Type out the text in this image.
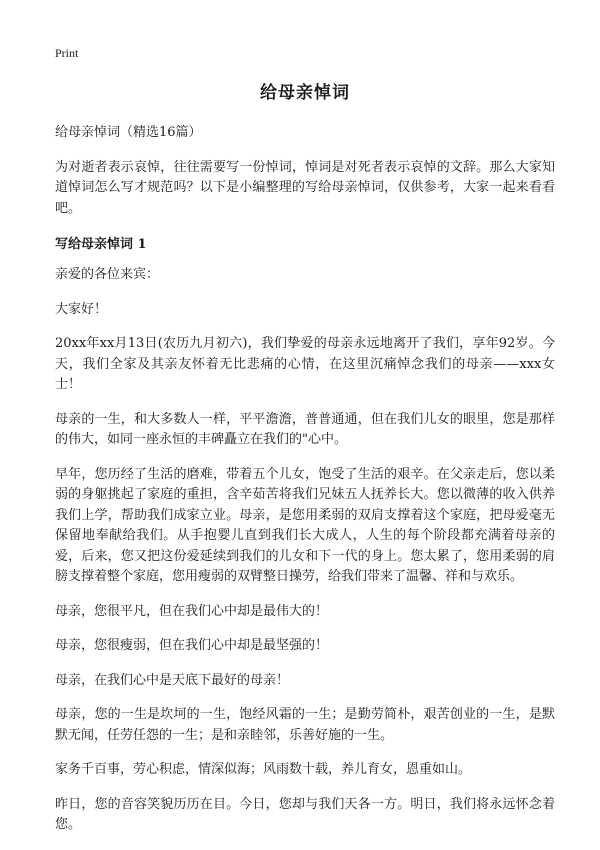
Print
给母亲悼词

给母亲悼词（精选16篇）

为对逝者表示哀悼，往往需要写一份悼词，悼词是对死者表示哀悼的文辞。那么大家知道悼词怎么写才规范吗？以下是小编整理的写给母亲悼词，仅供参考，大家一起来看看吧。

写给母亲悼词 1

亲爱的各位来宾：

大家好！

20xx年xx月13日(农历九月初六)，我们挚爱的母亲永远地离开了我们，享年92岁。今天，我们全家及其亲友怀着无比悲痛的心情，在这里沉痛悼念我们的母亲——xxx女士！

母亲的一生，和大多数人一样，平平澹澹，普普通通，但在我们儿女的眼里，您是那样的伟大，如同一座永恒的丰碑矗立在我们的"心中。

早年，您历经了生活的磨难，带着五个儿女，饱受了生活的艰辛。在父亲走后，您以柔弱的身躯挑起了家庭的重担，含辛茹苦将我们兄妹五人抚养长大。您以微薄的收入供养我们上学，帮助我们成家立业。母亲，是您用柔弱的双肩支撑着这个家庭，把母爱毫无保留地奉献给我们。从手抱婴儿直到我们长大成人，人生的每个阶段都充满着母亲的爱，后来，您又把这份爱延续到我们的儿女和下一代的身上。您太累了，您用柔弱的肩膀支撑着整个家庭，您用瘦弱的双臂整日操劳，给我们带来了温馨、祥和与欢乐。

母亲，您很平凡，但在我们心中却是最伟大的！

母亲，您很瘦弱，但在我们心中却是最坚强的！

母亲，在我们心中是天底下最好的母亲！

母亲，您的一生是坎坷的一生，饱经风霜的一生；是勤劳简朴，艰苦创业的一生，是默默无闻，任劳任怨的一生；是和亲睦邻，乐善好施的一生。

家务千百事，劳心积虑，情深似海；风雨数十载，养儿育女，恩重如山。

昨日，您的音容笑貌历历在目。今日，您却与我们天各一方。明日，我们将永远怀念着您。
